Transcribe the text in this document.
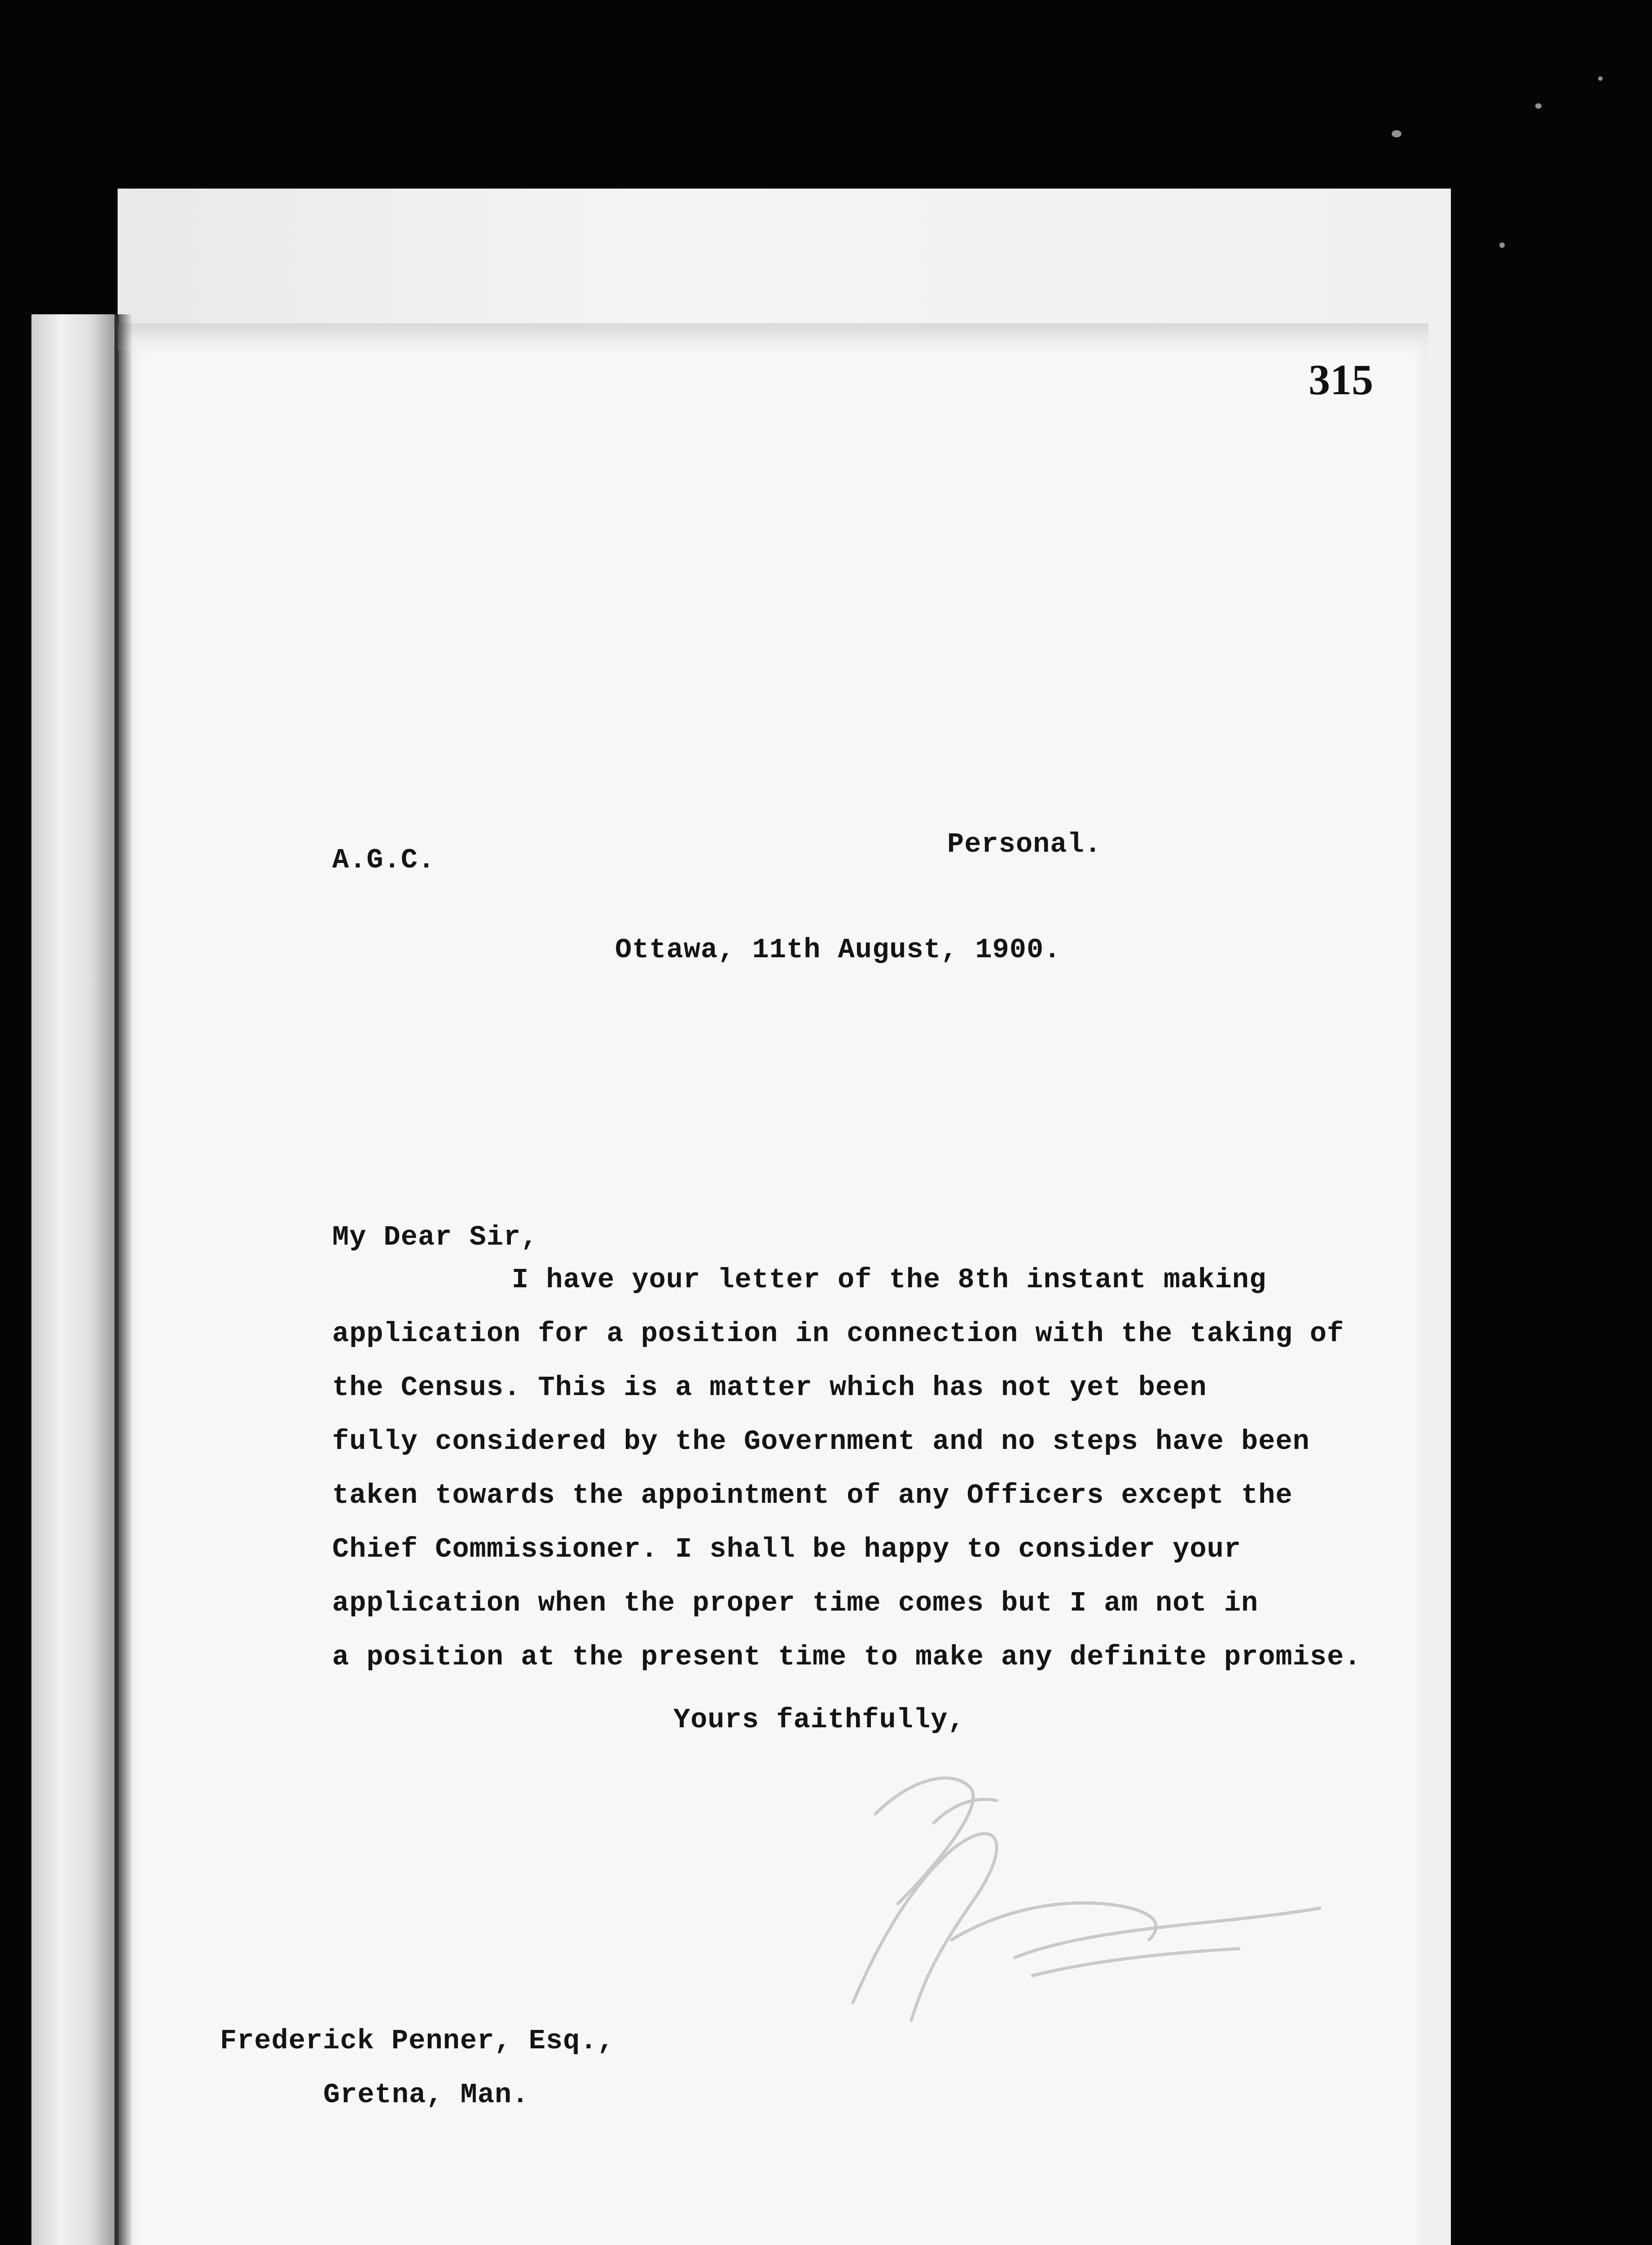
315
A.G.C.	Personal.
Ottawa, 11th August, 1900.
My Dear Sir,
I have your letter of the 8th instant making
application for a position in connection with the taking of
the Census. This is a matter which has not yet been
fully considered by the Government and no steps have been
taken towards the appointment of any Officers except the
Chief Commissioner. I shall be happy to consider your
application when the proper time comes but I am not in
a position at the present time to make any definite promise.
Yours faithfully,
Frederick Penner, Esq.,
Gretna, Man.
